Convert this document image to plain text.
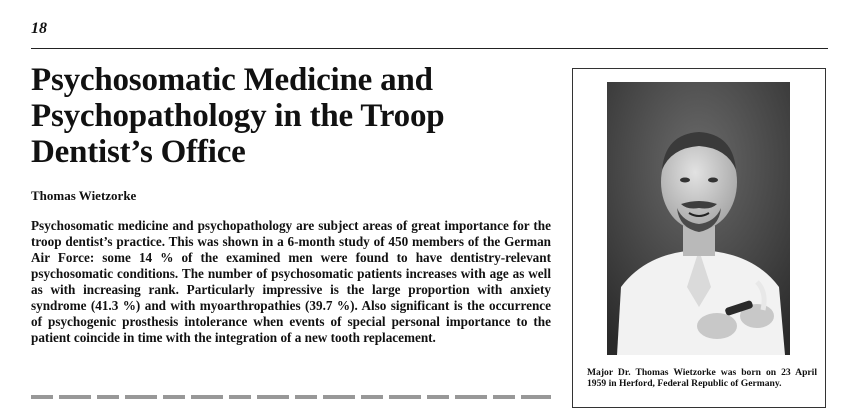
18
Psychosomatic Medicine and Psychopathology in the Troop Dentist’s Office
Thomas Wietzorke

Psychosomatic medicine and psychopathology are subject areas of great importance for the troop dentist’s practice. This was shown in a 6-month study of 450 members of the German Air Force: some 14 % of the examined men were found to have dentistry-relevant psychosomatic conditions. The number of psychosomatic patients increases with age as well as with increasing rank. Particularly impressive is the large proportion with anxiety syndrome (41.3 %) and with myoarthropathies (39.7 %). Also significant is the occurrence of psychogenic prosthesis intolerance when events of special personal importance to the patient coincide in time with the integration of a new tooth replacement.

Major Dr. Thomas Wietzorke was born on 23 April 1959 in Herford, Federal Republic of Germany.
